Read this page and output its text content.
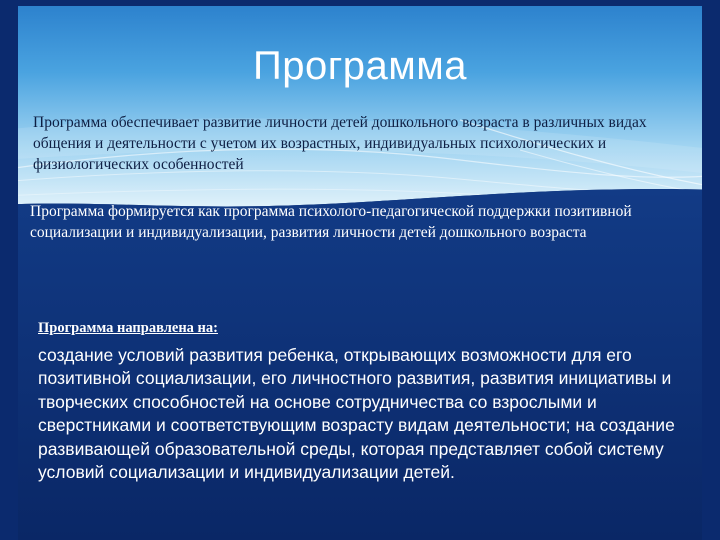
Программа
Программа обеспечивает развитие личности детей дошкольного возраста в различных видах общения и деятельности с учетом их возрастных, индивидуальных психологических и физиологических особенностей
Программа формируется как программа психолого-педагогической поддержки позитивной социализации и индивидуализации, развития личности детей дошкольного возраста
Программа направлена на:
создание условий развития ребенка, открывающих возможности для его позитивной социализации, его личностного развития, развития инициативы и творческих способностей на основе сотрудничества со взрослыми и сверстниками и соответствующим возрасту видам деятельности; на создание развивающей образовательной среды, которая представляет собой систему условий социализации и индивидуализации детей.
